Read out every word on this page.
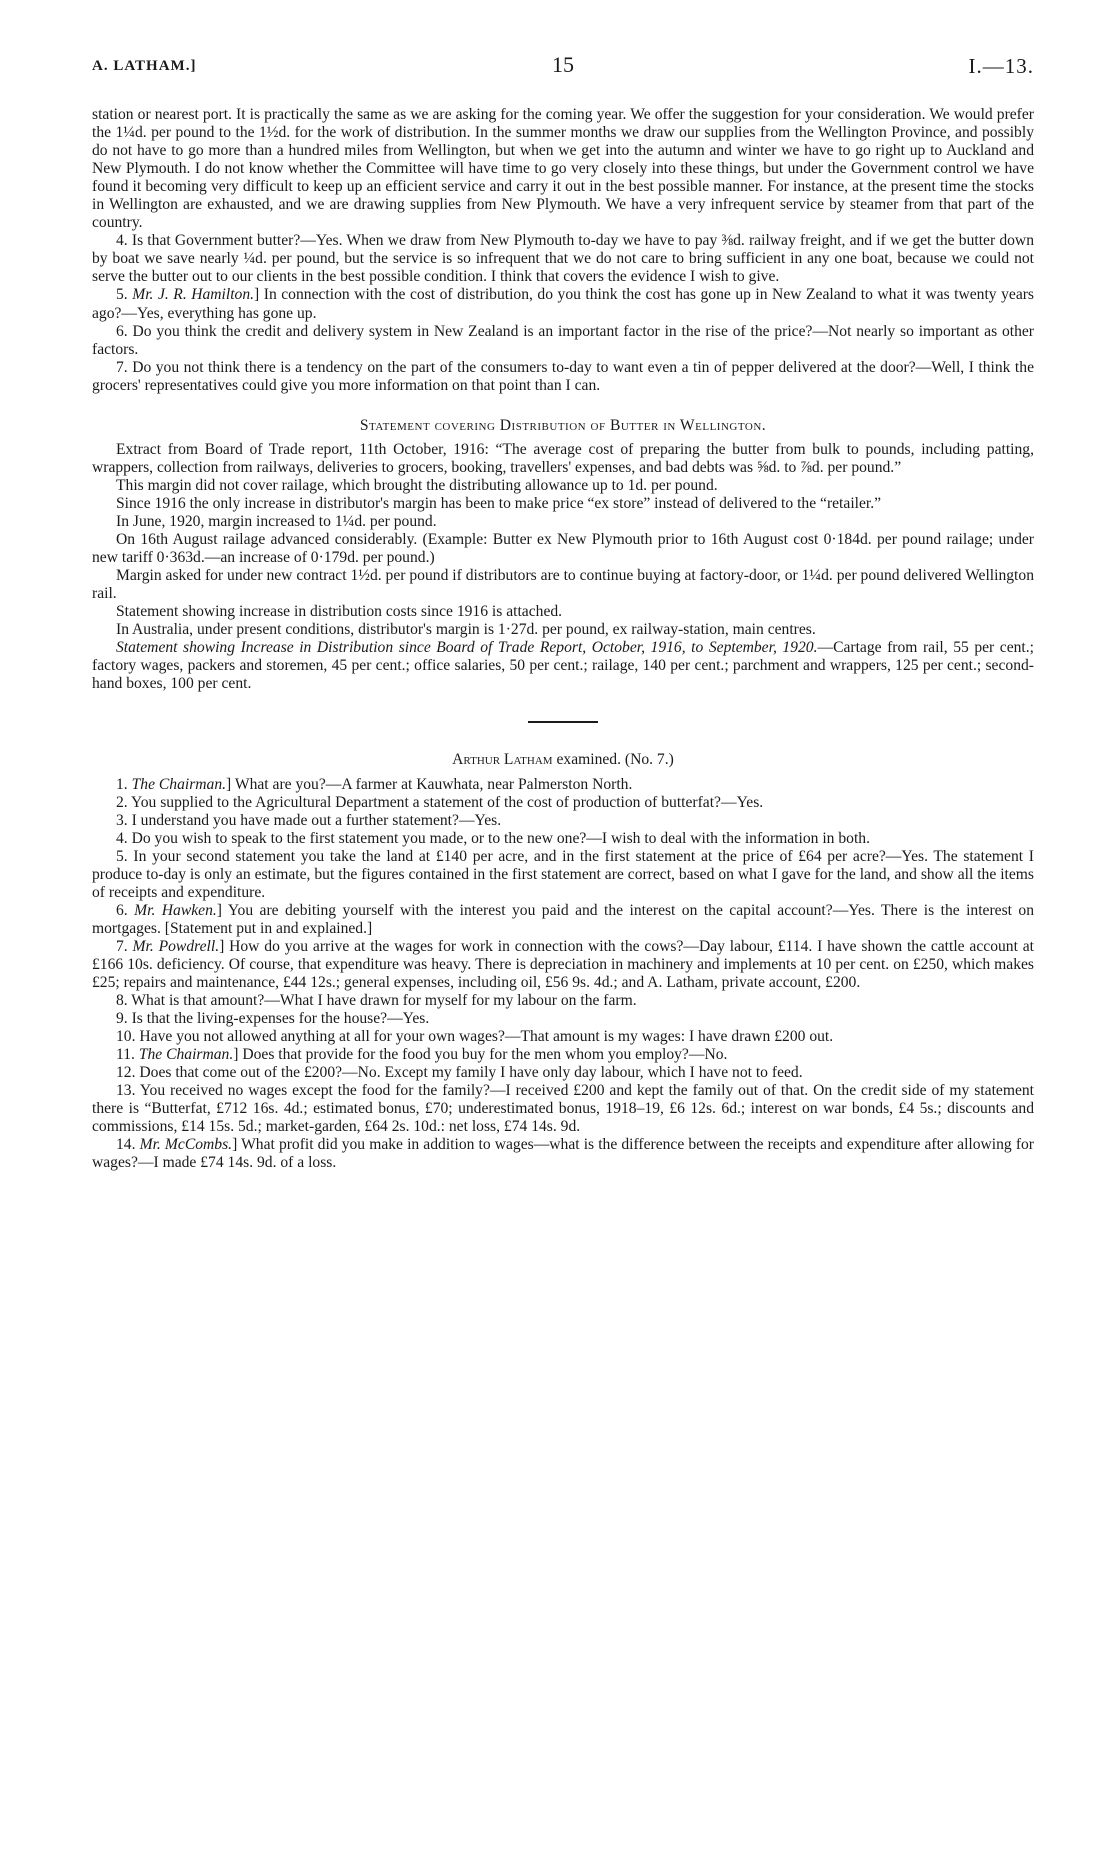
A. LATHAM.]	15	I.—13.

station or nearest port. It is practically the same as we are asking for the coming year. We offer the suggestion for your consideration. We would prefer the 1¼d. per pound to the 1½d. for the work of distribution. In the summer months we draw our supplies from the Wellington Province, and possibly do not have to go more than a hundred miles from Wellington, but when we get into the autumn and winter we have to go right up to Auckland and New Plymouth. I do not know whether the Committee will have time to go very closely into these things, but under the Government control we have found it becoming very difficult to keep up an efficient service and carry it out in the best possible manner. For instance, at the present time the stocks in Wellington are exhausted, and we are drawing supplies from New Plymouth. We have a very infrequent service by steamer from that part of the country.

4. Is that Government butter?—Yes. When we draw from New Plymouth to-day we have to pay ⅜d. railway freight, and if we get the butter down by boat we save nearly ¼d. per pound, but the service is so infrequent that we do not care to bring sufficient in any one boat, because we could not serve the butter out to our clients in the best possible condition. I think that covers the evidence I wish to give.

5. Mr. J. R. Hamilton.] In connection with the cost of distribution, do you think the cost has gone up in New Zealand to what it was twenty years ago?—Yes, everything has gone up.

6. Do you think the credit and delivery system in New Zealand is an important factor in the rise of the price?—Not nearly so important as other factors.

7. Do you not think there is a tendency on the part of the consumers to-day to want even a tin of pepper delivered at the door?—Well, I think the grocers' representatives could give you more information on that point than I can.

Statement covering Distribution of Butter in Wellington.

Extract from Board of Trade report, 11th October, 1916: “The average cost of preparing the butter from bulk to pounds, including patting, wrappers, collection from railways, deliveries to grocers, booking, travellers' expenses, and bad debts was ⅝d. to ⅞d. per pound.”

This margin did not cover railage, which brought the distributing allowance up to 1d. per pound.

Since 1916 the only increase in distributor's margin has been to make price “ex store” instead of delivered to the “retailer.”

In June, 1920, margin increased to 1¼d. per pound.

On 16th August railage advanced considerably. (Example: Butter ex New Plymouth prior to 16th August cost 0·184d. per pound railage; under new tariff 0·363d.—an increase of 0·179d. per pound.)

Margin asked for under new contract 1½d. per pound if distributors are to continue buying at factory-door, or 1¼d. per pound delivered Wellington rail.

Statement showing increase in distribution costs since 1916 is attached.

In Australia, under present conditions, distributor's margin is 1·27d. per pound, ex railway-station, main centres.

Statement showing Increase in Distribution since Board of Trade Report, October, 1916, to September, 1920.—Cartage from rail, 55 per cent.; factory wages, packers and storemen, 45 per cent.; office salaries, 50 per cent.; railage, 140 per cent.; parchment and wrappers, 125 per cent.; second-hand boxes, 100 per cent.

Arthur Latham examined. (No. 7.)

1. The Chairman.] What are you?—A farmer at Kauwhata, near Palmerston North.

2. You supplied to the Agricultural Department a statement of the cost of production of butterfat?—Yes.

3. I understand you have made out a further statement?—Yes.

4. Do you wish to speak to the first statement you made, or to the new one?—I wish to deal with the information in both.

5. In your second statement you take the land at £140 per acre, and in the first statement at the price of £64 per acre?—Yes. The statement I produce to-day is only an estimate, but the figures contained in the first statement are correct, based on what I gave for the land, and show all the items of receipts and expenditure.

6. Mr. Hawken.] You are debiting yourself with the interest you paid and the interest on the capital account?—Yes. There is the interest on mortgages. [Statement put in and explained.]

7. Mr. Powdrell.] How do you arrive at the wages for work in connection with the cows?—Day labour, £114. I have shown the cattle account at £166 10s. deficiency. Of course, that expenditure was heavy. There is depreciation in machinery and implements at 10 per cent. on £250, which makes £25; repairs and maintenance, £44 12s.; general expenses, including oil, £56 9s. 4d.; and A. Latham, private account, £200.

8. What is that amount?—What I have drawn for myself for my labour on the farm.

9. Is that the living-expenses for the house?—Yes.

10. Have you not allowed anything at all for your own wages?—That amount is my wages: I have drawn £200 out.

11. The Chairman.] Does that provide for the food you buy for the men whom you employ?—No.

12. Does that come out of the £200?—No. Except my family I have only day labour, which I have not to feed.

13. You received no wages except the food for the family?—I received £200 and kept the family out of that. On the credit side of my statement there is “Butterfat, £712 16s. 4d.; estimated bonus, £70; underestimated bonus, 1918–19, £6 12s. 6d.; interest on war bonds, £4 5s.; discounts and commissions, £14 15s. 5d.; market-garden, £64 2s. 10d.: net loss, £74 14s. 9d.

14. Mr. McCombs.] What profit did you make in addition to wages—what is the difference between the receipts and expenditure after allowing for wages?—I made £74 14s. 9d. of a loss.
